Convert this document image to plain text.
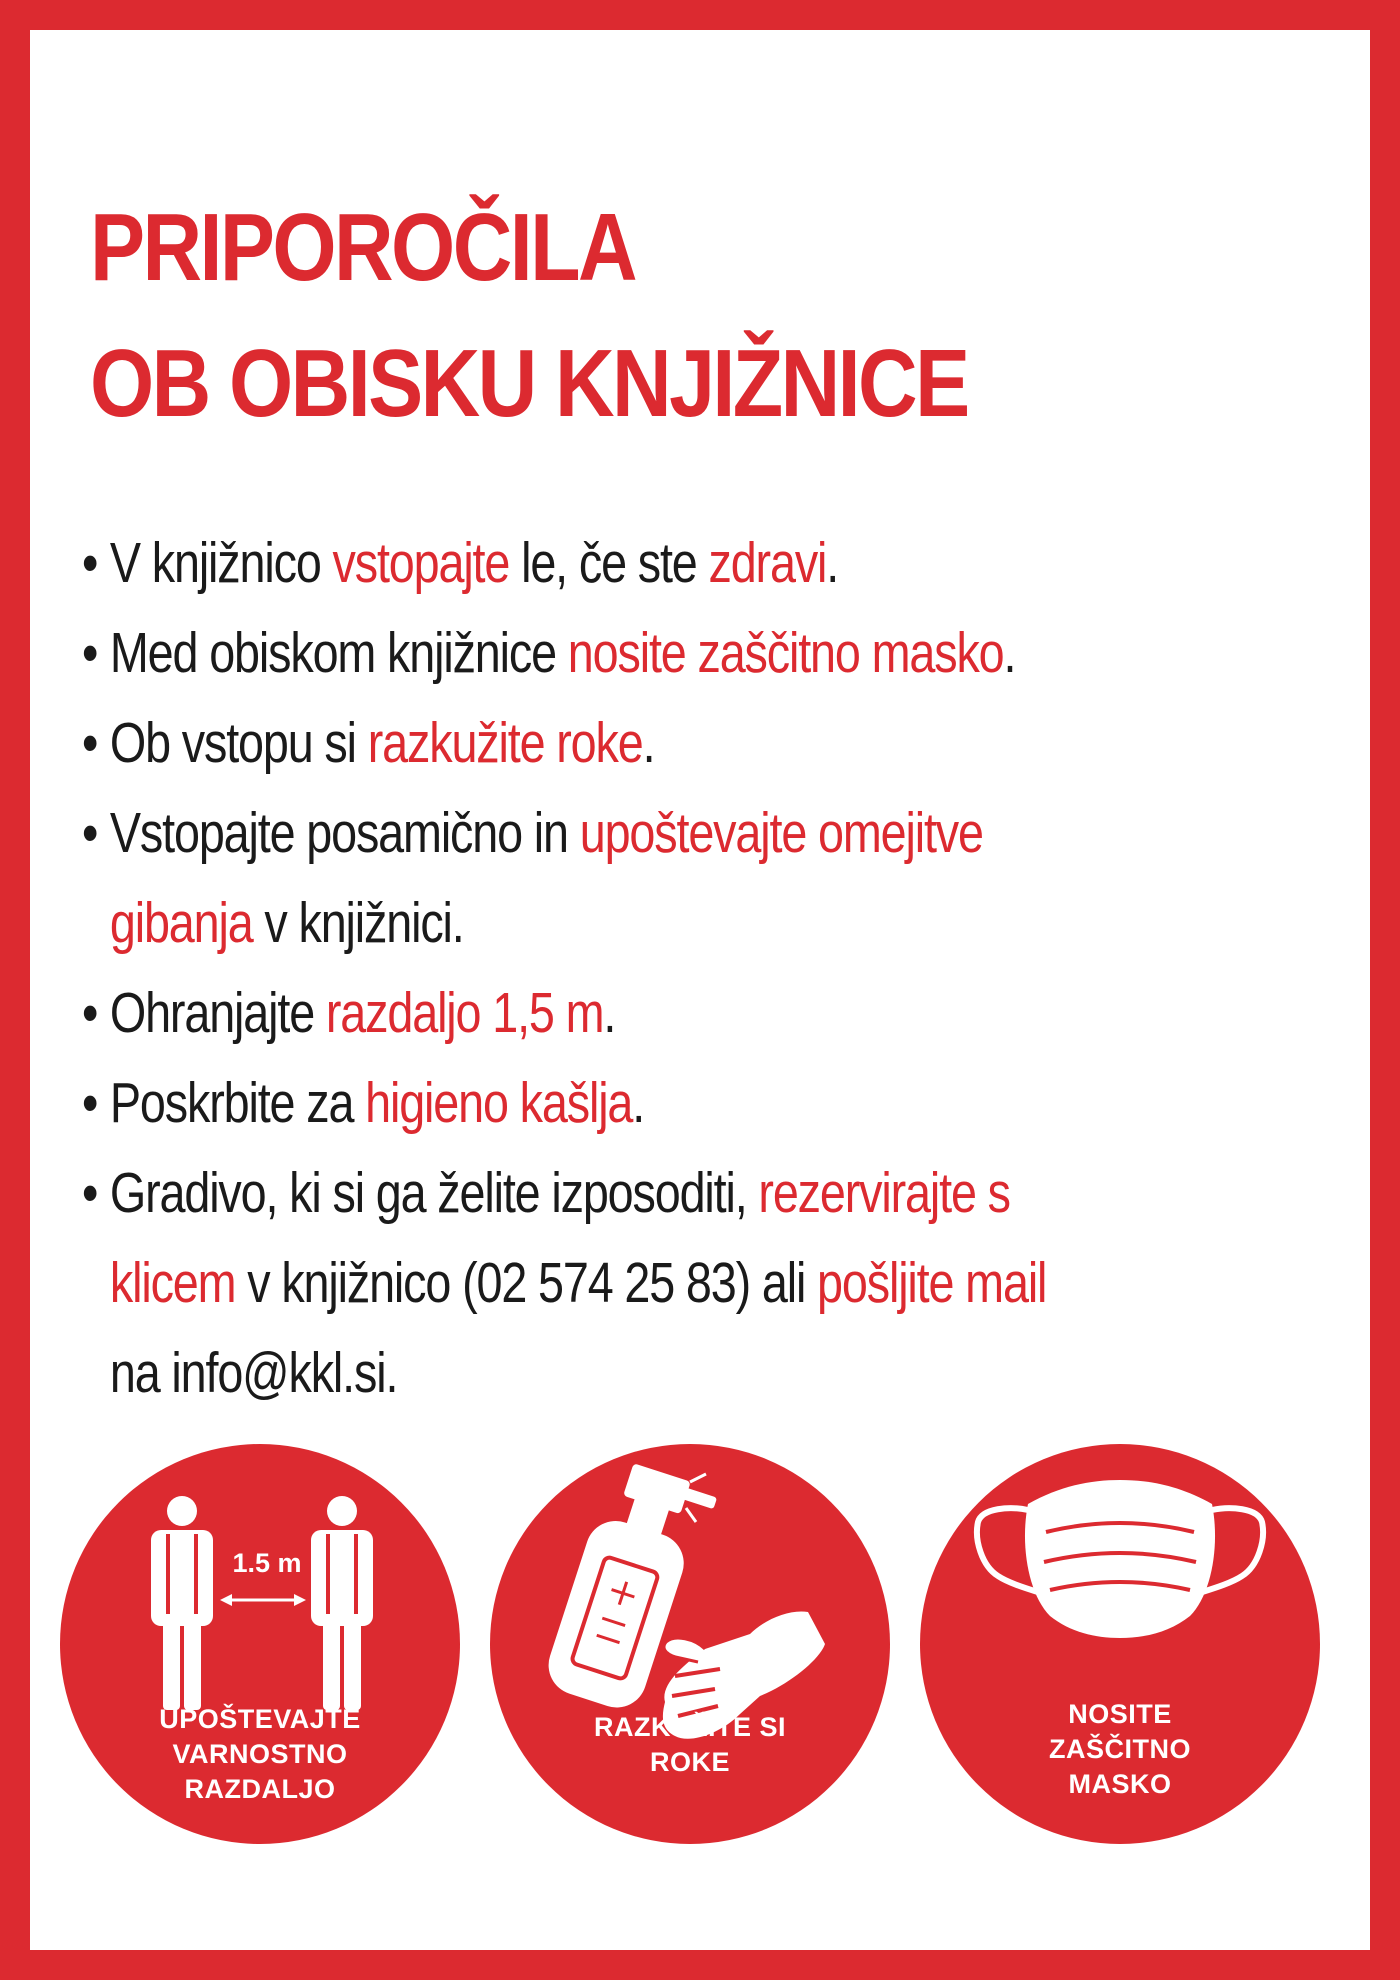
PRIPOROČILA
OB OBISKU KNJIŽNICE
• V knjižnico vstopajte le, če ste zdravi.
• Med obiskom knjižnice nosite zaščitno masko.
• Ob vstopu si razkužite roke.
• Vstopajte posamično in upoštevajte omejitve
gibanja v knjižnici.
• Ohranjajte razdaljo 1,5 m.
• Poskrbite za higieno kašlja.
• Gradivo, ki si ga želite izposoditi, rezervirajte s
klicem v knjižnico (02 574 25 83) ali pošljite mail
na info@kkl.si.
1.5 m
UPOŠTEVAJTE
VARNOSTNO
RAZDALJO
RAZKUŽITE SI
ROKE
NOSITE
ZAŠČITNO
MASKO
